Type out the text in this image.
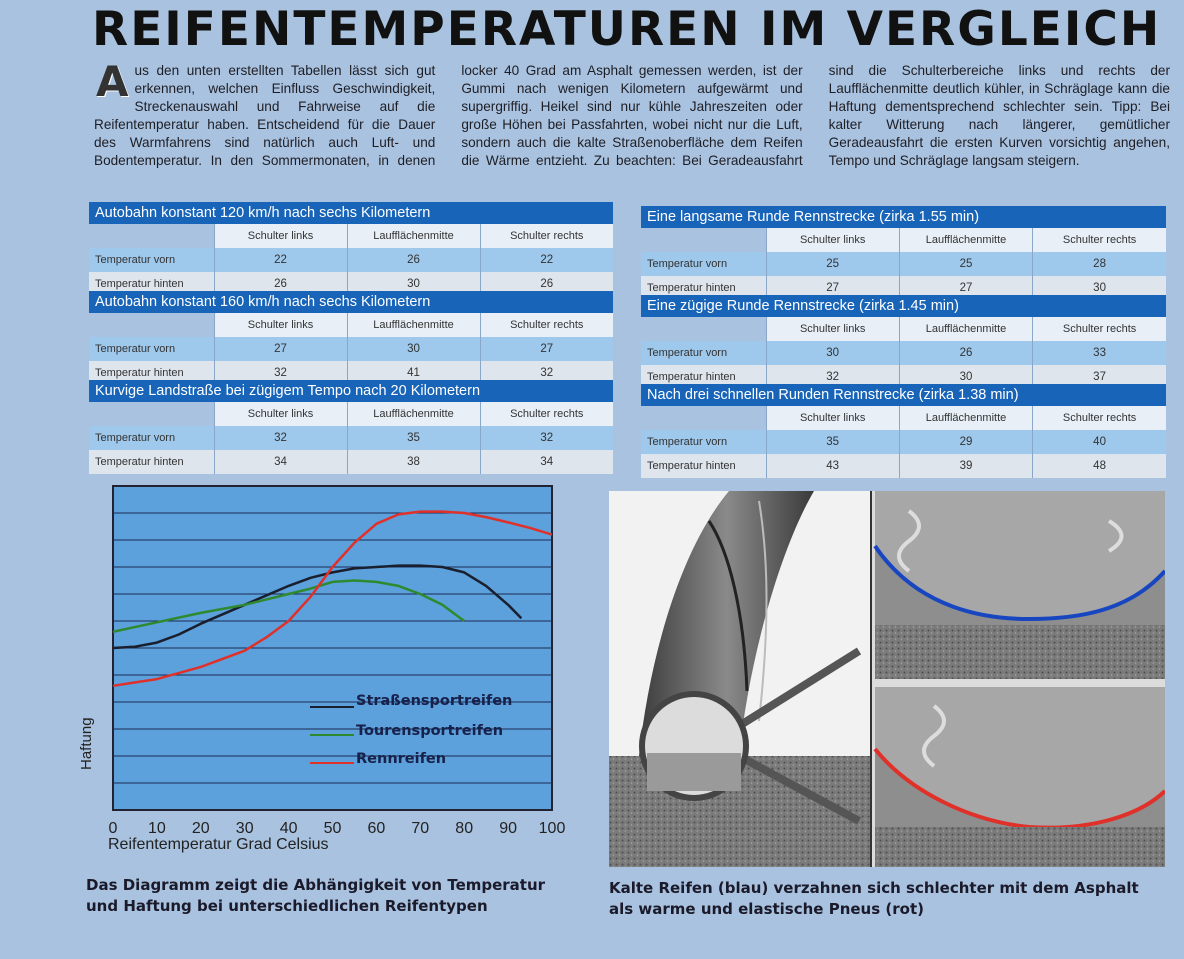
REIFENTEMPERATUREN IM VERGLEICH
A us den unten erstellten Tabellen lässt sich gut erkennen, welchen Einfluss Geschwindigkeit, Streckenauswahl und Fahrweise auf die Reifentemperatur haben. Entscheidend für die Dauer des Warmfahrens sind natürlich auch Luft- und Bodentemperatur. In den Sommermonaten, in denen locker 40 Grad am Asphalt gemessen werden, ist der Gummi nach wenigen Kilometern aufgewärmt und supergriffig. Heikel sind nur kühle Jahreszeiten oder große Höhen bei Passfahrten, wobei nicht nur die Luft, sondern auch die kalte Straßenoberfläche dem Reifen die Wärme entzieht. Zu beachten: Bei Geradeausfahrt sind die Schulterbereiche links und rechts der Laufflächenmitte deutlich kühler, in Schräglage kann die Haftung dementsprechend schlechter sein. Tipp: Bei kalter Witterung nach längerer, gemütlicher Geradeausfahrt die ersten Kurven vorsichtig angehen, Tempo und Schräglage langsam steigern.

Autobahn konstant 120 km/h nach sechs Kilometern
	Schulter links	Laufflächenmitte	Schulter rechts
Temperatur vorn	22	26	22
Temperatur hinten	26	30	26
Autobahn konstant 160 km/h nach sechs Kilometern
	Schulter links	Laufflächenmitte	Schulter rechts
Temperatur vorn	27	30	27
Temperatur hinten	32	41	32
Kurvige Landstraße bei zügigem Tempo nach 20 Kilometern
	Schulter links	Laufflächenmitte	Schulter rechts
Temperatur vorn	32	35	32
Temperatur hinten	34	38	34
Eine langsame Runde Rennstrecke (zirka 1.55 min)
	Schulter links	Laufflächenmitte	Schulter rechts
Temperatur vorn	25	25	28
Temperatur hinten	27	27	30
Eine zügige Runde Rennstrecke (zirka 1.45 min)
	Schulter links	Laufflächenmitte	Schulter rechts
Temperatur vorn	30	26	33
Temperatur hinten	32	30	37
Nach drei schnellen Runden Rennstrecke (zirka 1.38 min)
	Schulter links	Laufflächenmitte	Schulter rechts
Temperatur vorn	35	29	40
Temperatur hinten	43	39	48
0 10 20 30 40 50 60 70 80 90 100
Haftung
Reifentemperatur Grad Celsius
Straßensportreifen
Tourensportreifen
Rennreifen
Das Diagramm zeigt die Abhängigkeit von Temperatur und Haftung bei unterschiedlichen Reifentypen
Kalte Reifen (blau) verzahnen sich schlechter mit dem Asphalt als warme und elastische Pneus (rot)
